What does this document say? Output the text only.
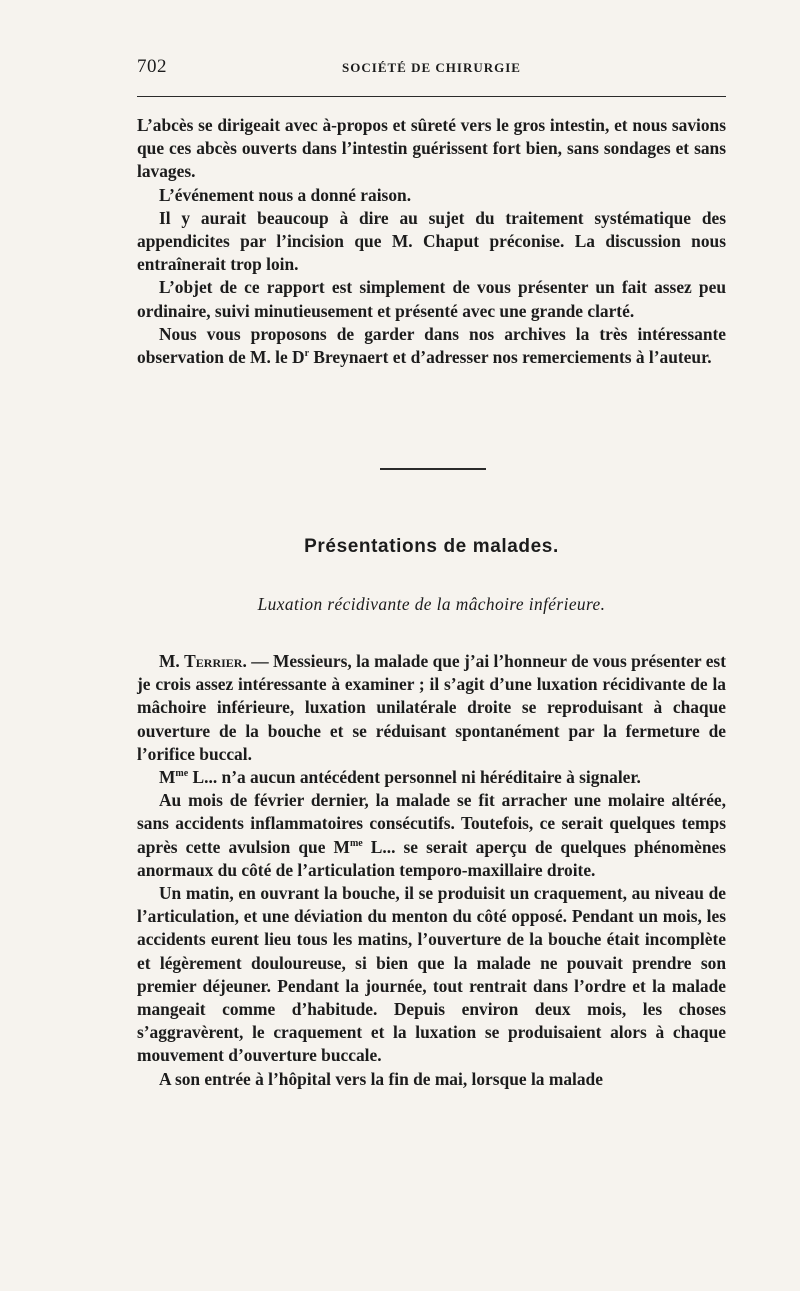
702	SOCIÉTÉ DE CHIRURGIE

L’abcès se dirigeait avec à-propos et sûreté vers le gros intestin, et nous savions que ces abcès ouverts dans l’intestin guérissent fort bien, sans sondages et sans lavages.

L’événement nous a donné raison.

Il y aurait beaucoup à dire au sujet du traitement systématique des appendicites par l’incision que M. Chaput préconise. La discussion nous entraînerait trop loin.

L’objet de ce rapport est simplement de vous présenter un fait assez peu ordinaire, suivi minutieusement et présenté avec une grande clarté.

Nous vous proposons de garder dans nos archives la très intéressante observation de M. le $D^r$ Breynaert et d’adresser nos remerciements à l’auteur.

Présentations de malades.
Luxation récidivante de la mâchoire inférieure.

M. Terrier. — Messieurs, la malade que j’ai l’honneur de vous présenter est je crois assez intéressante à examiner ; il s’agit d’une luxation récidivante de la mâchoire inférieure, luxation unilatérale droite se reproduisant à chaque ouverture de la bouche et se réduisant spontanément par la fermeture de l’orifice buccal.

$M^{me}$ L... n’a aucun antécédent personnel ni héréditaire à signaler.

Au mois de février dernier, la malade se fit arracher une molaire altérée, sans accidents inflammatoires consécutifs. Toutefois, ce serait quelques temps après cette avulsion que $M^{me}$ L... se serait aperçu de quelques phénomènes anormaux du côté de l’articulation temporo-maxillaire droite.

Un matin, en ouvrant la bouche, il se produisit un craquement, au niveau de l’articulation, et une déviation du menton du côté opposé. Pendant un mois, les accidents eurent lieu tous les matins, l’ouverture de la bouche était incomplète et légèrement douloureuse, si bien que la malade ne pouvait prendre son premier déjeuner. Pendant la journée, tout rentrait dans l’ordre et la malade mangeait comme d’habitude. Depuis environ deux mois, les choses s’aggravèrent, le craquement et la luxation se produisaient alors à chaque mouvement d’ouverture buccale.

A son entrée à l’hôpital vers la fin de mai, lorsque la malade
